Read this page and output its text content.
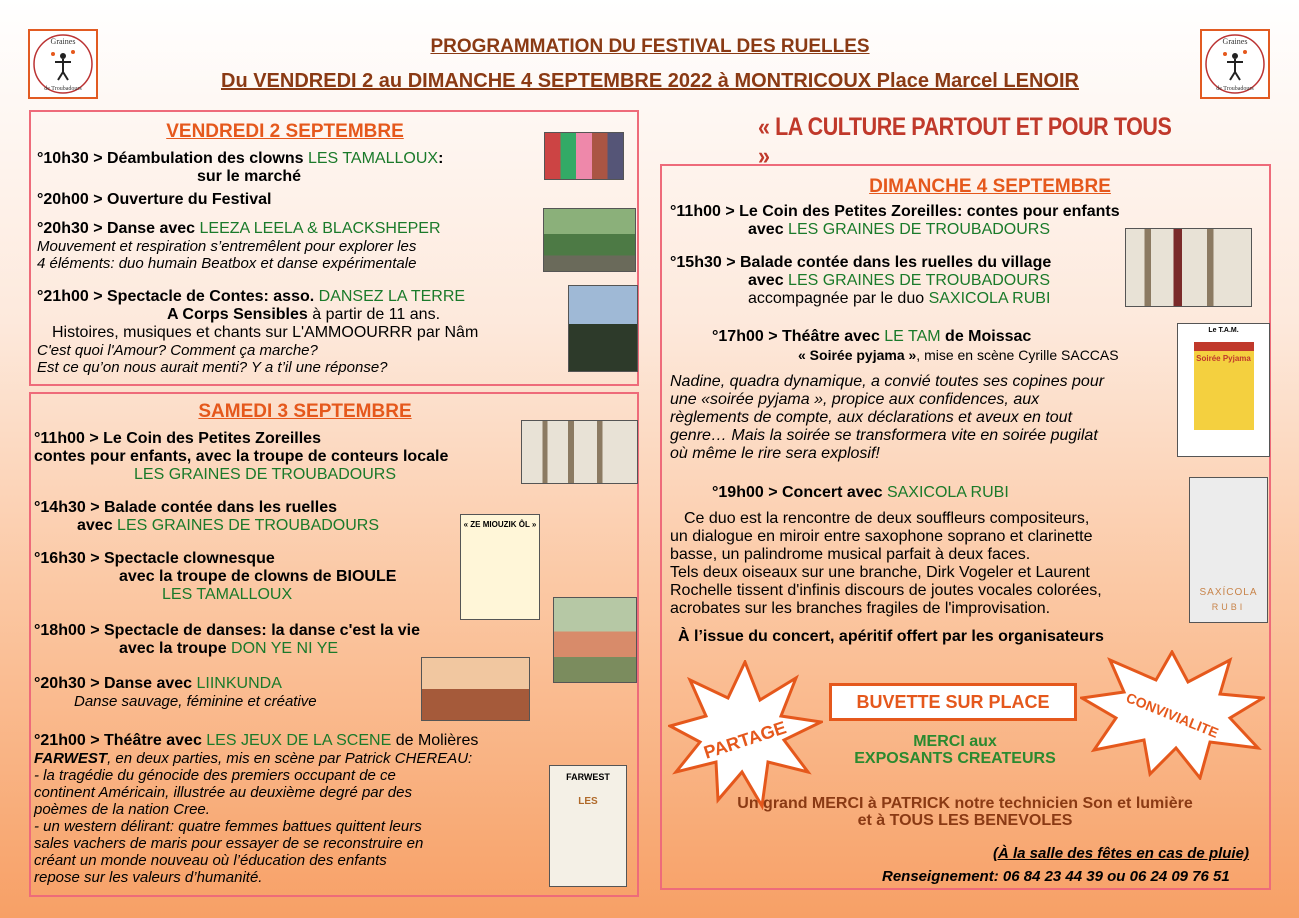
Graines
de Troubadours
Graines
de Troubadours
PROGRAMMATION DU FESTIVAL DES RUELLES
Du VENDREDI 2 au DIMANCHE 4 SEPTEMBRE 2022 à MONTRICOUX Place Marcel LENOIR
VENDREDI 2 SEPTEMBRE
°10h30 > Déambulation des clowns LES TAMALLOUX:
sur le marché
°20h00 > Ouverture du Festival
°20h30 > Danse avec LEEZA LEELA & BLACKSHEPER
Mouvement et respiration s’entremêlent pour explorer les
4 éléments: duo humain Beatbox et danse expérimentale
°21h00 > Spectacle de Contes: asso. DANSEZ LA TERRE
A Corps Sensibles à partir de 11 ans.
Histoires, musiques et chants sur L'AMMOOURRR par Nâm
C'est quoi l'Amour? Comment ça marche?
Est ce qu’on nous aurait menti? Y a t’il une réponse?
SAMEDI 3 SEPTEMBRE
°11h00 > Le Coin des Petites Zoreilles
contes pour enfants, avec la troupe de conteurs locale
LES GRAINES DE TROUBADOURS
°14h30 > Balade contée dans les ruelles
avec LES GRAINES DE TROUBADOURS
°16h30 > Spectacle clownesque
avec la troupe de clowns de BIOULE
LES TAMALLOUX
« ZE MIOUZIK ÔL »
°18h00 > Spectacle de danses: la danse c'est la vie
avec la troupe DON YE NI YE
°20h30 > Danse avec LIINKUNDA
Danse sauvage, féminine et créative
°21h00 > Théâtre avec LES JEUX DE LA SCENE de Molières
FARWEST, en deux parties, mis en scène par Patrick CHEREAU:
- la tragédie du génocide des premiers occupant de ce
continent Américain, illustrée au deuxième degré par des
poèmes de la nation Cree.
- un western délirant: quatre femmes battues quittent leurs
sales vachers de maris pour essayer de se reconstruire en
créant un monde nouveau où l’éducation des enfants
repose sur les valeurs d’humanité.
FARWEST
LES
« LA CULTURE PARTOUT ET POUR TOUS »
DIMANCHE 4 SEPTEMBRE
°11h00 > Le Coin des Petites Zoreilles: contes pour enfants
avec LES GRAINES DE TROUBADOURS
°15h30 > Balade contée dans les ruelles du village
avec LES GRAINES DE TROUBADOURS
accompagnée par le duo SAXICOLA RUBI
°17h00 > Théâtre avec LE TAM de Moissac
« Soirée pyjama », mise en scène Cyrille SACCAS
Nadine, quadra dynamique, a convié toutes ses copines pour
une «soirée pyjama », propice aux confidences, aux
règlements de compte, aux déclarations et aveux en tout
genre… Mais la soirée se transformera vite en soirée pugilat
où même le rire sera explosif!
Le T.A.M.
Soirée Pyjama
°19h00 > Concert avec SAXICOLA RUBI
Ce duo est la rencontre de deux souffleurs compositeurs,
un dialogue en miroir entre saxophone soprano et clarinette
basse, un palindrome musical parfait à deux faces.
Tels deux oiseaux sur une branche, Dirk Vogeler et Laurent
Rochelle tissent d'infinis discours de joutes vocales colorées,
acrobates sur les branches fragiles de l'improvisation.
SAXÍCOLA
RUBI
À l’issue du concert, apéritif offert par les organisateurs
PARTAGE	CONVIVIALITE
BUVETTE SUR PLACE
MERCI aux
EXPOSANTS CREATEURS
Un grand MERCI à PATRICK notre technicien Son et lumière
et à TOUS LES BENEVOLES
(À la salle des fêtes en cas de pluie)
Renseignement: 06 84 23 44 39 ou 06 24 09 76 51
